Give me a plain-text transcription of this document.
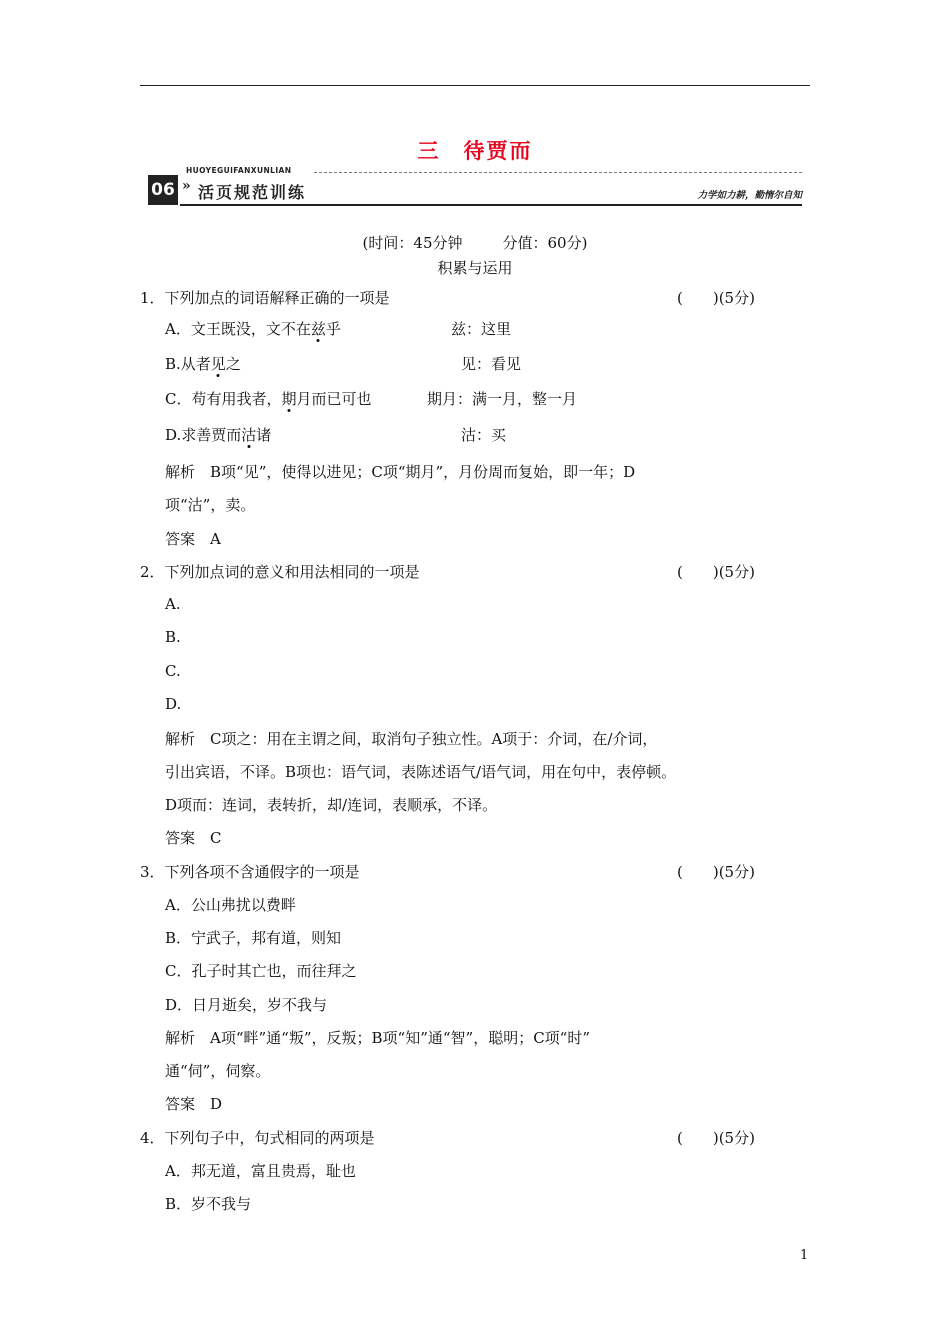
三　待贾而
HUOYEGUIFANXUNLIAN
06 » 活页规范训练	力学如力耕，勤惰尔自知
(时间：45分钟	分值：60分)
积累与运用
1．下列加点的词语解释正确的一项是	(　　)(5分)
A．文王既没，文不在兹乎	兹：这里
B.从者见之	见：看见
C．苟有用我者，期月而已可也	期月：满一月，整一月
D.求善贾而沽诸	沽：买
解析　B项“见”，使得以进见；C项“期月”，月份周而复始，即一年；D
项“沽”，卖。
答案　A
2．下列加点词的意义和用法相同的一项是	(　　)(5分)
A.
B.
C.
D.
解析　C项之：用在主谓之间，取消句子独立性。A项于：介词，在/介词，
引出宾语，不译。B项也：语气词，表陈述语气/语气词，用在句中，表停顿。
D项而：连词，表转折，却/连词，表顺承，不译。
答案　C
3．下列各项不含通假字的一项是	(　　)(5分)
A．公山弗扰以费畔
B．宁武子，邦有道，则知
C．孔子时其亡也，而往拜之
D．日月逝矣，岁不我与
解析　A项“畔”通“叛”，反叛；B项“知”通“智”，聪明；C项“时”
通“伺”，伺察。
答案　D
4．下列句子中，句式相同的两项是	(　　)(5分)
A．邦无道，富且贵焉，耻也
B．岁不我与
1
